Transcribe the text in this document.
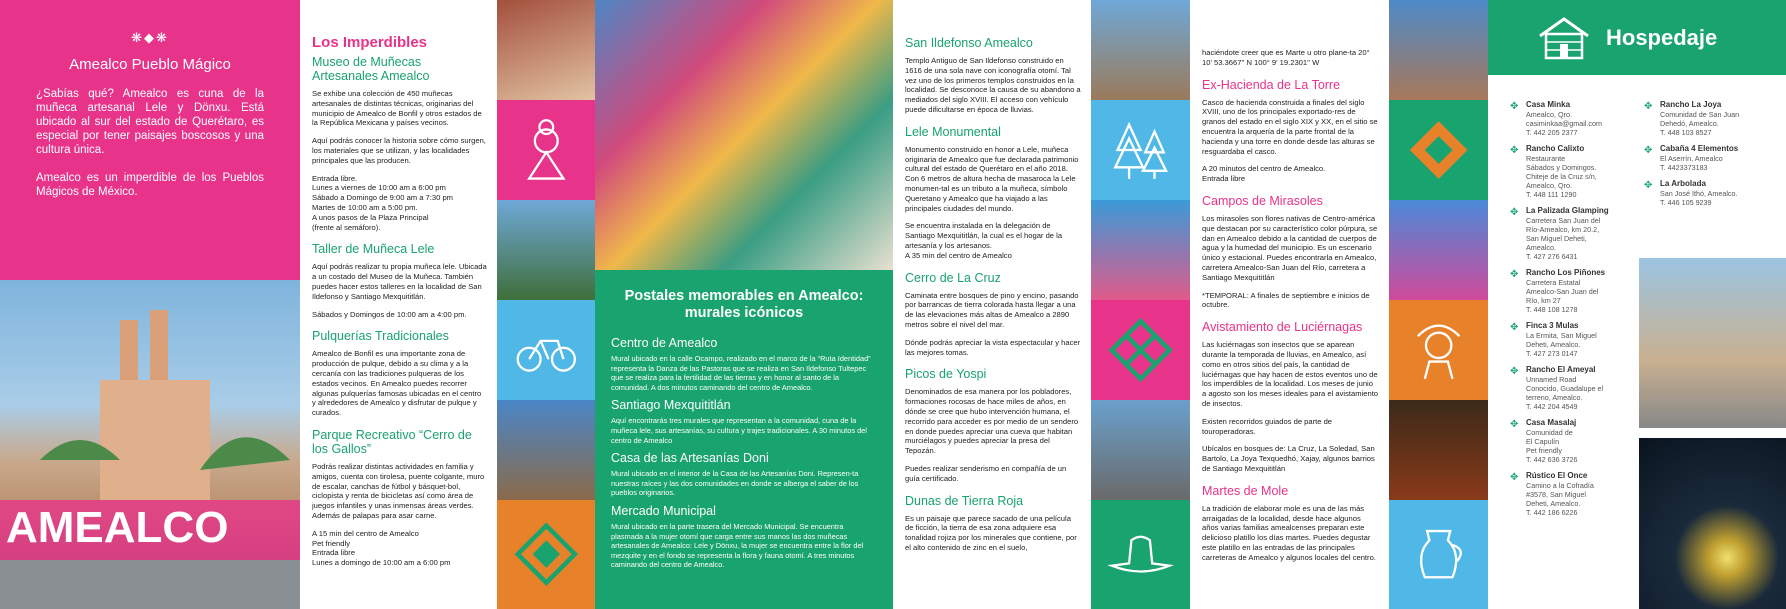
❋◆❋
Amealco Pueblo Mágico

¿Sabías qué? Amealco es cuna de la muñeca artesanal Lele y Dönxu. Está ubicado al sur del estado de Querétaro, es especial por tener paisajes boscosos y una cultura única.

Amealco es un imperdible de los Pueblos Mágicos de México.

AMEALCO
Los Imperdibles
Museo de Muñecas Artesanales Amealco

Se exhibe una colección de 450 muñecas artesanales de distintas técnicas, originarias del municipio de Amealco de Bonfil y otros estados de la República Mexicana y países vecinos.

Aquí podrás conocer la historia sobre cómo surgen, los materiales que se utilizan, y las localidades principales que las producen.

Entrada libre.
Lunes a viernes de 10:00 am a 6:00 pm
Sábado a Domingo de 9:00 am a 7:30 pm
Martes de 10:00 am a 5:00 pm.
A unos pasos de la Plaza Principal
(frente al semáforo).

Taller de Muñeca Lele

Aquí podrás realizar tu propia muñeca lele. Ubicada a un costado del Museo de la Muñeca. También puedes hacer estos talleres en la localidad de San Ildefonso y Santiago Mexquititlán.

Sábados y Domingos de 10:00 am a 4:00 pm.

Pulquerías Tradicionales

Amealco de Bonfil es una importante zona de producción de pulque, debido a su clima y a la cercanía con las tradiciones pulqueras de los estados vecinos. En Amealco puedes recorrer algunas pulquerías famosas ubicadas en el centro y alrededores de Amealco y disfrutar de pulque y curados.

Parque Recreativo “Cerro de los Gallos”

Podrás realizar distintas actividades en familia y amigos, cuenta con tirolesa, puente colgante, muro de escalar, canchas de fútbol y básquet-bol, ciclopista y renta de bicicletas así como área de juegos infantiles y unas inmensas áreas verdes. Además de palapas para asar carne.

A 15 min del centro de Amealco
Pet friendly
Entrada libre
Lunes a domingo de 10:00 am a 6:00 pm

Postales memorables en Amealco: murales icónicos
Centro de Amealco

Mural ubicado en la calle Ocampo, realizado en el marco de la “Ruta Identidad” representa la Danza de las Pastoras que se realiza en San Ildefonso Tultepec que se realiza para la fertilidad de las tierras y en honor al santo de la comunidad. A dos minutos caminando del centro de Amealco.

Santiago Mexquititlán

Aquí encontrarás tres murales que representan a la comunidad, cuna de la muñeca lele, sus artesanías, su cultura y trajes tradicionales. A 30 minutos del centro de Amealco

Casa de las Artesanías Doni

Mural ubicado en el interior de la Casa de las Artesanías Doni. Represen-ta nuestras raíces y las dos comunidades en donde se alberga el saber de los pueblos originarios.

Mercado Municipal

Mural ubicado en la parte trasera del Mercado Municipal. Se encuentra plasmada a la mujer otomí que carga entre sus manos las dos muñecas artesanales de Amealco: Lele y Dönxu, la mujer se encuentra entre la flor del mezquite y en el fondo se representa la flora y fauna otomí. A tres minutos caminando del centro de Amealco.

San Ildefonso Amealco

Templo Antiguo de San Ildefonso construido en 1616 de una sola nave con iconografía otomí. Tal vez uno de los primeros templos construidos en la localidad. Se desconoce la causa de su abandono a mediados del siglo XVIII. El acceso con vehículo puede dificultarse en época de lluvias.

Lele Monumental

Monumento construido en honor a Lele, muñeca originaria de Amealco que fue declarada patrimonio cultural del estado de Querétaro en el año 2018. Con 6 metros de altura hecha de masarocа la Lele monumen-tal es un tributo a la muñeca, símbolo Queretano y Amealco que ha viajado a las principales ciudades del mundo.

Se encuentra instalada en la delegación de Santiago Mexquititlán, la cual es el hogar de la artesanía y los artesanos.
A 35 min del centro de Amealco

Cerro de La Cruz

Caminata entre bosques de pino y encino, pasando por barrancas de tierra colorada hasta llegar a una de las elevaciones más altas de Amealco a 2890 metros sobre el nivel del mar.

Dónde podrás apreciar la vista espectacular y hacer las mejores tomas.

Picos de Yospi

Denominados de esa manera por los pobladores, formaciones rocosas de hace miles de años, en dónde se cree que hubo intervención humana, el recorrido para acceder es por medio de un sendero en donde puedes apreciar una cueva que habitan murciélagos y puedes apreciar la presa del Tepozán.

Puedes realizar senderismo en compañía de un guía certificado.

Dunas de Tierra Roja

Es un paisaje que parece sacado de una película de ficción, la tierra de esa zona adquiere esa tonalidad rojiza por los minerales que contiene, por el alto contenido de zinc en el suelo,

haciéndote creer que es Marte u otro plane-ta 20° 10' 53.3667'' N 100° 9' 19.2301'' W

Ex-Hacienda de La Torre

Casco de hacienda construida a finales del siglo XVIII, uno de los principales exportado-res de granos del estado en el siglo XIX y XX, en el sitio se encuentra la arquería de la parte frontal de la hacienda y una torre en donde desde las alturas se resguardaba el casco.

A 20 minutos del centro de Amealco.
Entrada libre

Campos de Mirasoles

Los mirasoles son flores nativas de Centro-américa que destacan por su característico color púrpura, se dan en Amealco debido a la cantidad de cuerpos de agua y la humedad del municipio. Es un escenario único y estacional. Puedes encontrarla en Amealco, carretera Amealco-San Juan del Río, carretera a Santiago Mexquititlán

*TEMPORAL: A finales de septiembre e inicios de octubre.

Avistamiento de Luciérnagas

Las luciérnagas son insectos que se aparean durante la temporada de lluvias, en Amealco, así como en otros sitios del país, la cantidad de luciérnagas que hay hacen de estos eventos uno de los imperdibles de la localidad. Los meses de junio a agosto son los meses ideales para el avistamiento de insectos.

Existen recorridos guiados de parte de touroperadoras.

Ubícalos en bosques de: La Cruz, La Soledad, San Bartolo, La Joya Texquedhó, Xajay, algunos barrios de Santiago Mexquititlán

Martes de Mole

La tradición de elaborar mole es una de las más arraigadas de la localidad, desde hace algunos años varias familias amealcenses preparan este delicioso platillo los días martes. Puedes degustar este platillo en las entradas de las principales carreteras de Amealco y algunos locales del centro.

Hospedaje
✥ Casa Minka
Amealco, Qro.
casiminkaa@gmail.com
T. 442 205 2377
✥ Rancho Calixto
Restaurante
Sábados y Domingos.
Chiteje de la Cruz s/n,
Amealco, Qro.
T. 448 111 1290
✥ La Palizada Glamping
Carretera San Juan del
Río-Amealco, km 20.2,
San Miguel Deheti,
Amealco.
T. 427 276 6431
✥ Rancho Los Piñones
Carretera Estatal
Amealco-San Juan del
Río, km 27
T. 448 108 1278
✥ Finca 3 Mulas
La Ermita, San Miguel
Deheti, Amealco.
T. 427 273 0147
✥ Rancho El Ameyal
Unnamed Road
Conocido, Guadalupe el
terreno, Amealco.
T. 442 204 4549
✥ Casa Masalaj
Comunidad de
El Capulín
Pet friendly
T. 442 636 3726
✥ Rústico El Once
Camino a la Cofradía
#3578, San Miguel
Deheti, Amealco.
T. 442 186 6226
✥ Rancho La Joya
Comunidad de San Juan
Dehedó, Amealco.
T. 448 103 8527
✥ Cabaña 4 Elementos
El Aserrín, Amealco
T. 4423373183
✥ La Arbolada
San José Ithó, Amealco.
T. 446 105 9239
